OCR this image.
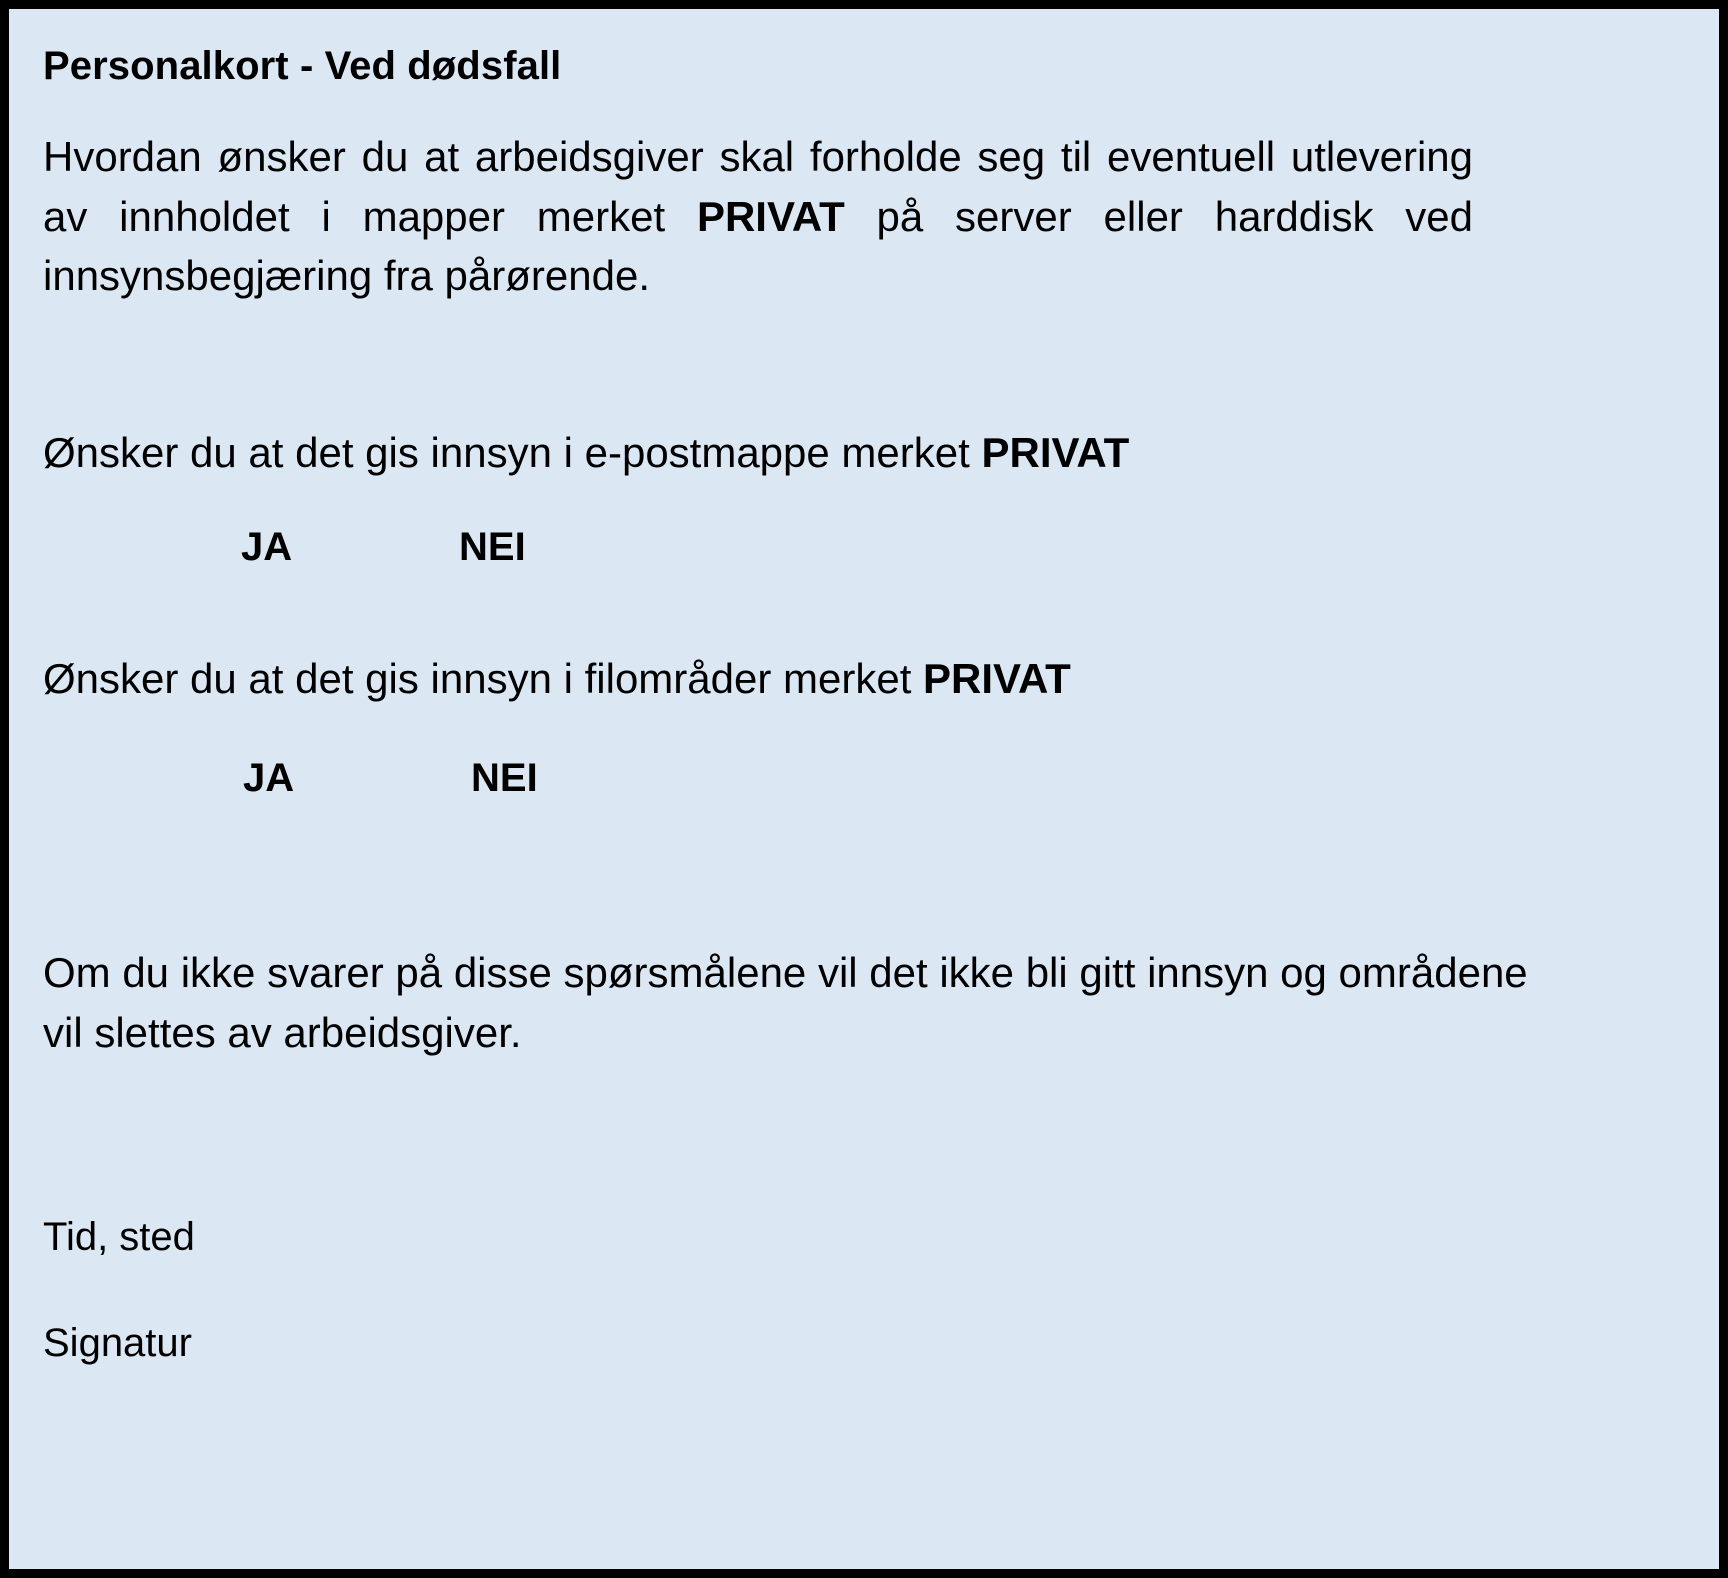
Personalkort - Ved dødsfall
Hvordan ønsker du at arbeidsgiver skal forholde seg til eventuell utlevering av innholdet i mapper merket PRIVAT på server eller harddisk ved innsynsbegjæring fra pårørende.
Ønsker du at det gis innsyn i e-postmappe merket PRIVAT
JA	NEI
Ønsker du at det gis innsyn i filområder merket PRIVAT
JA	NEI
Om du ikke svarer på disse spørsmålene vil det ikke bli gitt innsyn og områdene vil slettes av arbeidsgiver.
Tid, sted
Signatur
